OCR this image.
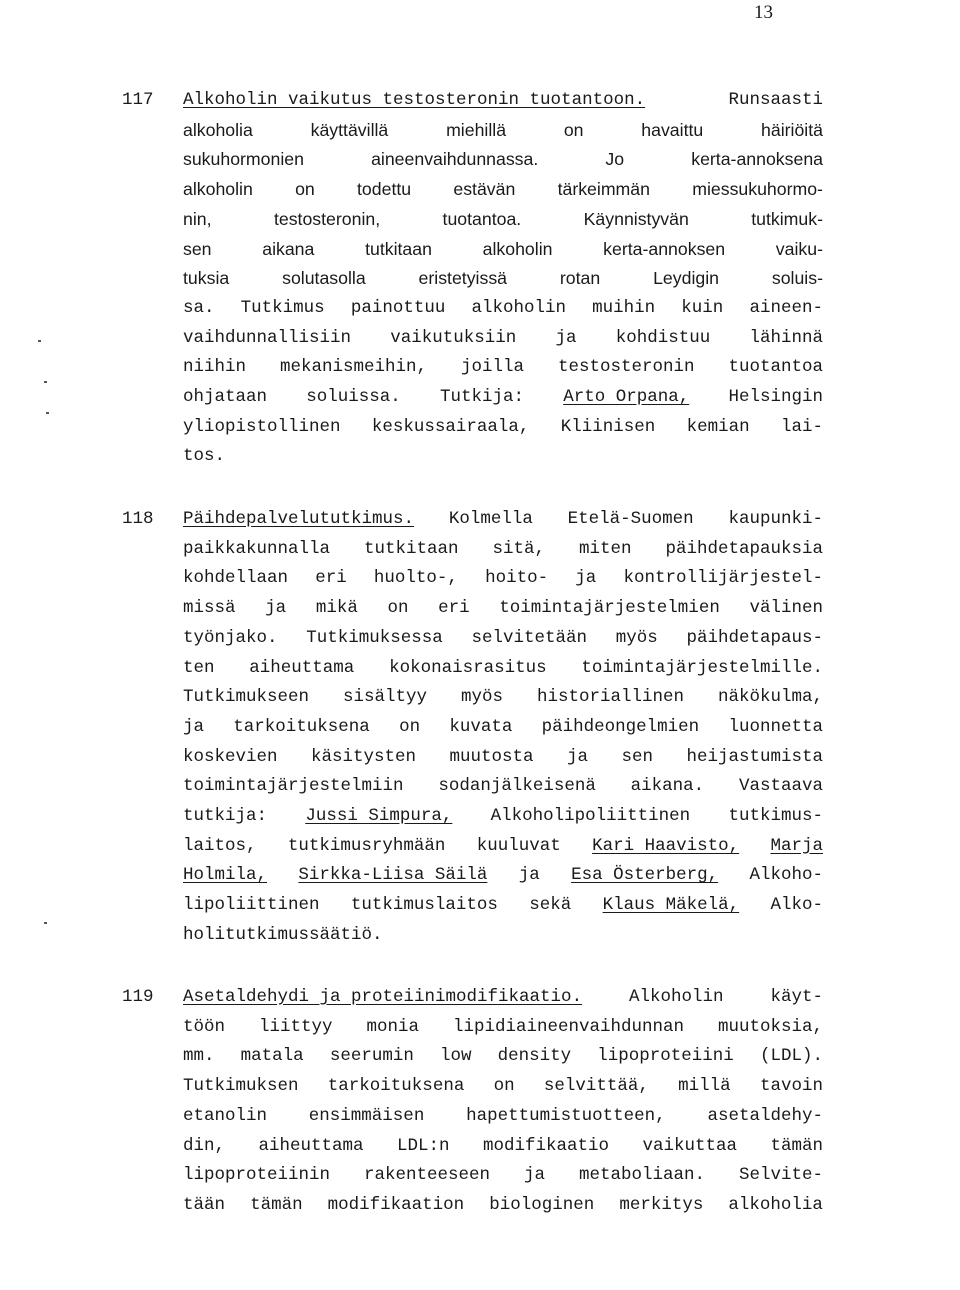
13
117 Alkoholin vaikutus testosteronin tuotantoon.	Runsaasti
alkoholia	käyttävillä	miehillä	on	havaittu	häiriöitä
sukuhormonien	aineenvaihdunnassa.	Jo	kerta-annoksena
alkoholin on todettu estävän tärkeimmän miessukuhormo-
nin,	testosteronin,	tuotantoa.	Käynnistyvän	tutkimuk-
sen	aikana	tutkitaan	alkoholin	kerta-annoksen	vaiku-
tuksia	solutasolla	eristetyissä	rotan	Leydigin	soluis-
sa. Tutkimus painottuu alkoholin muihin kuin aineen-
vaihdunnallisiin vaikutuksiin ja kohdistuu lähinnä
niihin mekanismeihin, joilla testosteronin tuotantoa
ohjataan soluissa. Tutkija: Arto Orpana, Helsingin
yliopistollinen keskussairaala, Kliinisen kemian lai-
tos.
118 Päihdepalvelututkimus. Kolmella Etelä-Suomen kaupunki-
paikkakunnalla tutkitaan sitä, miten päihdetapauksia
kohdellaan eri huolto-, hoito- ja kontrollijärjestel-
missä ja mikä on eri toimintajärjestelmien välinen
työnjako. Tutkimuksessa selvitetään myös päihdetapaus-
ten aiheuttama kokonaisrasitus toimintajärjestelmille.
Tutkimukseen sisältyy myös historiallinen näkökulma,
ja tarkoituksena on kuvata päihdeongelmien luonnetta
koskevien käsitysten muutosta ja sen heijastumista
toimintajärjestelmiin sodanjälkeisenä aikana. Vastaava
tutkija: Jussi Simpura, Alkoholipoliittinen tutkimus-
laitos, tutkimusryhmään kuuluvat Kari Haavisto, Marja
Holmila, Sirkka-Liisa Säilä ja Esa Österberg, Alkoho-
lipoliittinen tutkimuslaitos sekä Klaus Mäkelä, Alko-
holitutkimussäätiö.
119 Asetaldehydi ja proteiinimodifikaatio.	Alkoholin	käyt-
töön liittyy monia lipidiaineenvaihdunnan muutoksia,
mm. matala seerumin low density lipoproteiini (LDL).
Tutkimuksen tarkoituksena on selvittää, millä tavoin
etanolin ensimmäisen hapettumistuotteen, asetaldehy-
din, aiheuttama LDL:n modifikaatio vaikuttaa tämän
lipoproteiinin rakenteeseen ja metaboliaan. Selvite-
tään tämän modifikaation biologinen merkitys alkoholia
